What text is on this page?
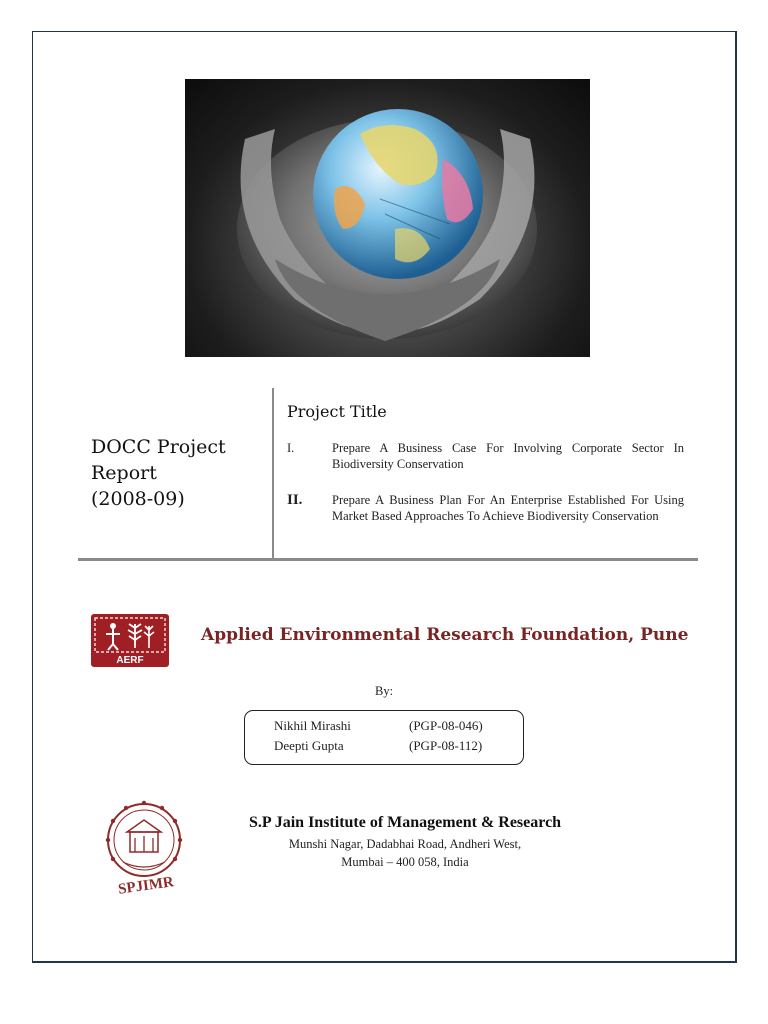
DOCC Project
Report
(2008-09)
Project Title
I.	Prepare A Business Case For Involving Corporate Sector In Biodiversity Conservation
II.	Prepare A Business Plan For An Enterprise Established For Using Market Based Approaches To Achieve Biodiversity Conservation
AERF
Applied Environmental Research Foundation, Pune
By:
Nikhil Mirashi	(PGP-08-046)
Deepti Gupta	(PGP-08-112)
SPJIMR
S.P Jain Institute of Management & Research
Munshi Nagar, Dadabhai Road, Andheri West,
Mumbai – 400 058, India
